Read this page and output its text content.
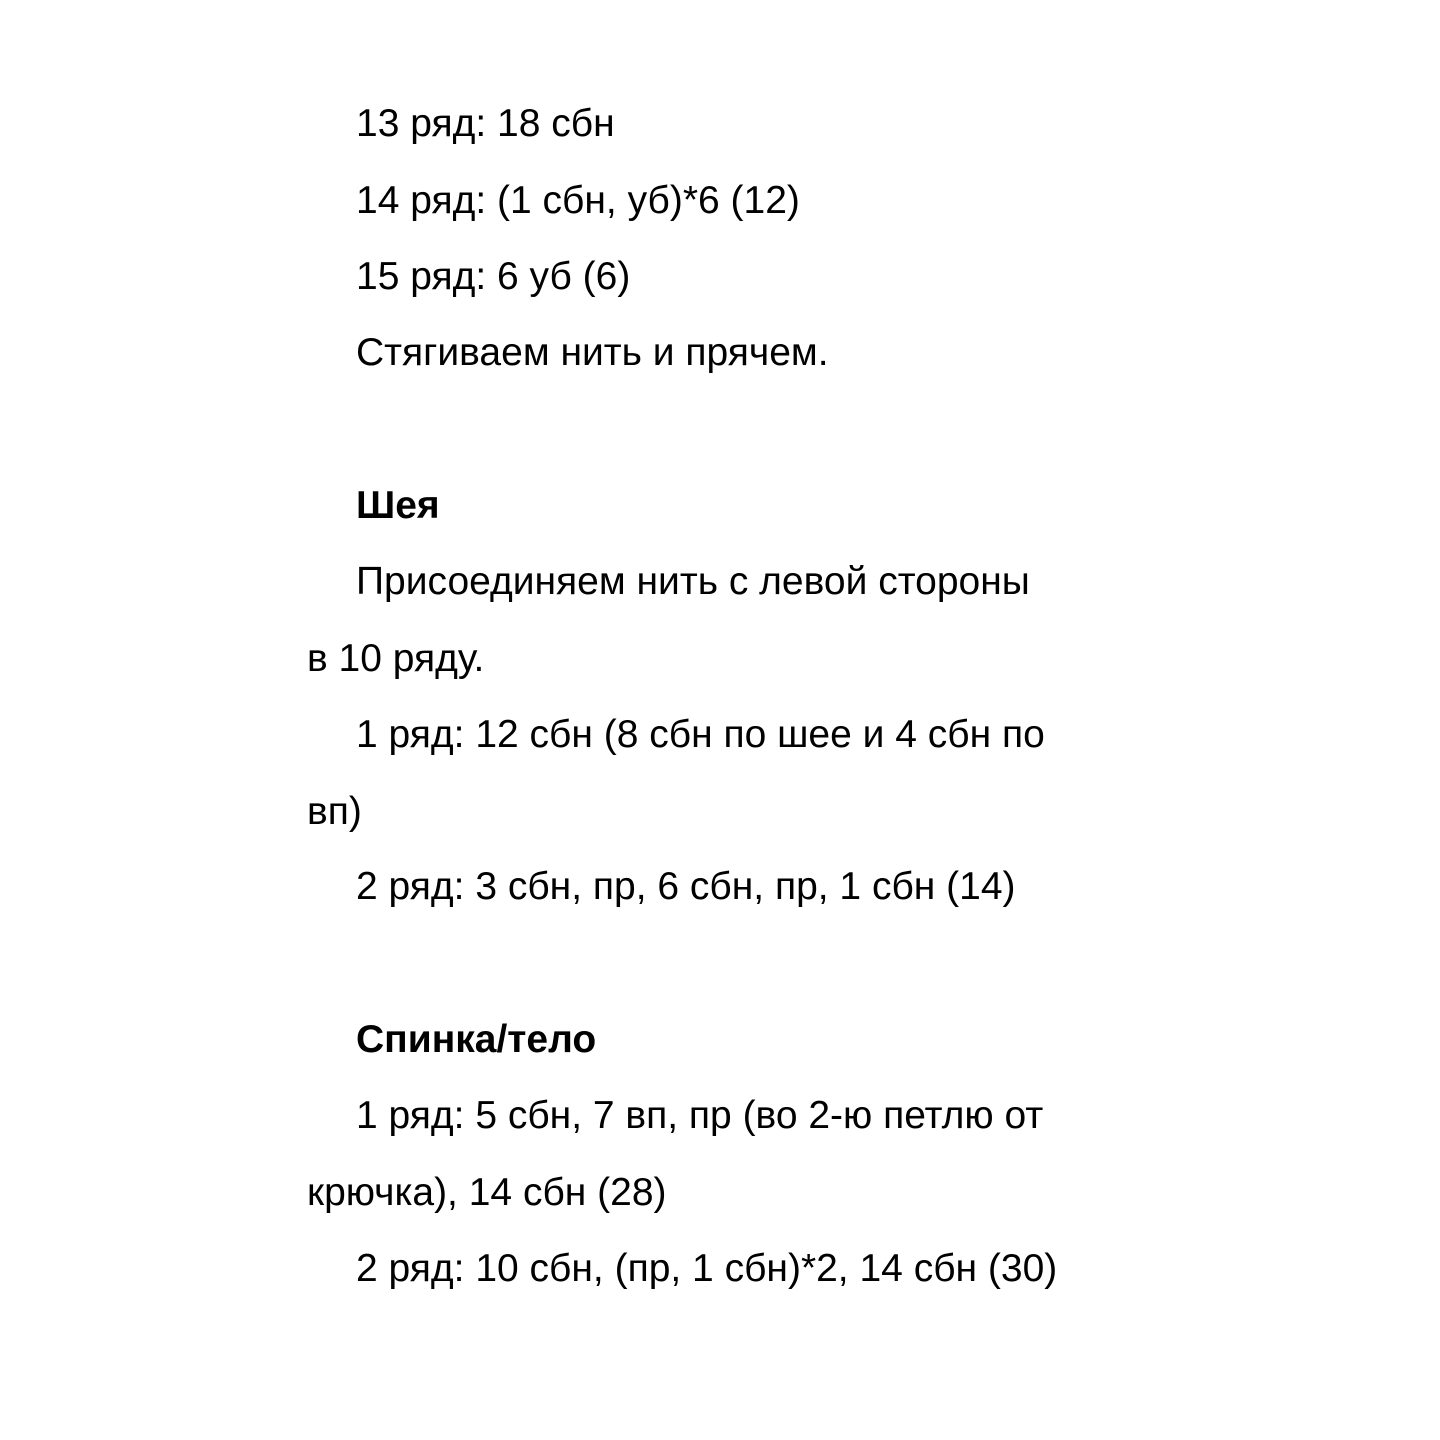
13 ряд: 18 сбн
14 ряд: (1 сбн, уб)*6 (12)
15 ряд: 6 уб (6)
Стягиваем нить и прячем.
Шея
Присоединяем нить с левой стороны
в 10 ряду.
1 ряд: 12 сбн (8 сбн по шее и 4 сбн по
вп)
2 ряд: 3 сбн, пр, 6 сбн, пр, 1 сбн (14)
Спинка/тело
1 ряд: 5 сбн, 7 вп, пр (во 2-ю петлю от
крючка), 14 сбн (28)
2 ряд: 10 сбн, (пр, 1 сбн)*2, 14 сбн (30)
